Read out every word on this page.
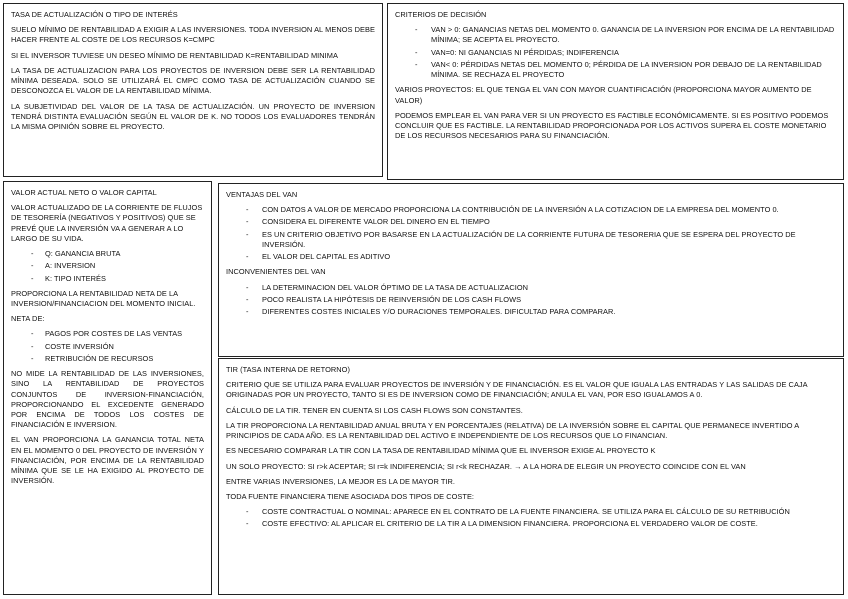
TASA DE ACTUALIZACIÓN O TIPO DE INTERÉS

SUELO MÍNIMO DE RENTABILIDAD A EXIGIR A LAS INVERSIONES. TODA INVERSION AL MENOS DEBE HACER FRENTE AL COSTE DE LOS RECURSOS K=CMPC

SI EL INVERSOR TUVIESE UN DESEO MÍNIMO DE RENTABILIDAD K=RENTABILIDAD MINIMA

LA TASA DE ACTUALIZACION PARA LOS PROYECTOS DE INVERSION DEBE SER LA RENTABILIDAD MÍNIMA DESEADA. SOLO SE UTILIZARÁ EL CMPC COMO TASA DE ACTUALIZACIÓN CUANDO SE DESCONOZCA EL VALOR DE LA RENTABILIDAD MÍNIMA.

LA SUBJETIVIDAD DEL VALOR DE LA TASA DE ACTUALIZACIÓN. UN PROYECTO DE INVERSION TENDRÁ DISTINTA EVALUACIÓN SEGÚN EL VALOR DE K. NO TODOS LOS EVALUADORES TENDRÁN LA MISMA OPINIÓN SOBRE EL PROYECTO.

CRITERIOS DE DECISIÓN

- VAN > 0: GANANCIAS NETAS DEL MOMENTO 0. GANANCIA DE LA INVERSION POR ENCIMA DE LA RENTABILIDAD MÍNIMA; SE ACEPTA EL PROYECTO.
- VAN=0: NI GANANCIAS NI PÉRDIDAS; INDIFERENCIA
- VAN< 0: PÉRDIDAS NETAS DEL MOMENTO 0; PÉRDIDA DE LA INVERSION POR DEBAJO DE LA RENTABILIDAD MÍNIMA. SE RECHAZA EL PROYECTO

VARIOS PROYECTOS: EL QUE TENGA EL VAN CON MAYOR CUANTIFICACIÓN (PROPORCIONA MAYOR AUMENTO DE VALOR)

PODEMOS EMPLEAR EL VAN PARA VER SI UN PROYECTO ES FACTIBLE ECONÓMICAMENTE. SI ES POSITIVO PODEMOS CONCLUIR QUE ES FACTIBLE. LA RENTABILIDAD PROPORCIONADA POR LOS ACTIVOS SUPERA EL COSTE MONETARIO DE LOS RECURSOS NECESARIOS PARA SU FINANCIACIÓN.

VALOR ACTUAL NETO O VALOR CAPITAL

VALOR ACTUALIZADO DE LA CORRIENTE DE FLUJOS DE TESORERÍA (NEGATIVOS Y POSITIVOS) QUE SE PREVÉ QUE LA INVERSIÓN VA A GENERAR A LO LARGO DE SU VIDA.

- Q: GANANCIA BRUTA
- A: INVERSION
- K: TIPO INTERÉS

PROPORCIONA LA RENTABILIDAD NETA DE LA INVERSION/FINANCIACION DEL MOMENTO INICIAL.

NETA DE:

- PAGOS POR COSTES DE LAS VENTAS
- COSTE INVERSIÓN
- RETRIBUCIÓN DE RECURSOS

NO MIDE LA RENTABILIDAD DE LAS INVERSIONES, SINO LA RENTABILIDAD DE PROYECTOS CONJUNTOS DE INVERSION-FINANCIACIÓN, PROPORCIONANDO EL EXCEDENTE GENERADO POR ENCIMA DE TODOS LOS COSTES DE FINANCIACIÓN E INVERSION.

EL VAN PROPORCIONA LA GANANCIA TOTAL NETA EN EL MOMENTO 0 DEL PROYECTO DE INVERSIÓN Y FINANCIACIÓN, POR ENCIMA DE LA RENTABILIDAD MÍNIMA QUE SE LE HA EXIGIDO AL PROYECTO DE INVERSIÓN.

VENTAJAS DEL VAN

- CON DATOS A VALOR DE MERCADO PROPORCIONA LA CONTRIBUCIÓN DE LA INVERSIÓN A LA COTIZACION DE LA EMPRESA DEL MOMENTO 0.
- CONSIDERA EL DIFERENTE VALOR DEL DINERO EN EL TIEMPO
- ES UN CRITERIO OBJETIVO POR BASARSE EN LA ACTUALIZACIÓN DE LA CORRIENTE FUTURA DE TESORERIA QUE SE ESPERA DEL PROYECTO DE INVERSIÓN.
- EL VALOR DEL CAPITAL ES ADITIVO

INCONVENIENTES DEL VAN

- LA DETERMINACION DEL VALOR ÓPTIMO DE LA TASA DE ACTUALIZACION
- POCO REALISTA LA HIPÓTESIS DE REINVERSIÓN DE LOS CASH FLOWS
- DIFERENTES COSTES INICIALES Y/O DURACIONES TEMPORALES. DIFICULTAD PARA COMPARAR.

TIR (TASA INTERNA DE RETORNO)

CRITERIO QUE SE UTILIZA PARA EVALUAR PROYECTOS DE INVERSIÓN Y DE FINANCIACIÓN. ES EL VALOR QUE IGUALA LAS ENTRADAS Y LAS SALIDAS DE CAJA ORIGINADAS POR UN PROYECTO, TANTO SI ES DE INVERSION COMO DE FINANCIACIÓN; ANULA EL VAN, POR ESO IGUALAMOS A 0.

CÁLCULO DE LA TIR. TENER EN CUENTA SI LOS CASH FLOWS SON CONSTANTES.

LA TIR PROPORCIONA LA RENTABILIDAD ANUAL BRUTA Y EN PORCENTAJES (RELATIVA) DE LA INVERSIÓN SOBRE EL CAPITAL QUE PERMANECE INVERTIDO A PRINCIPIOS DE CADA AÑO. ES LA RENTABILIDAD DEL ACTIVO E INDEPENDIENTE DE LOS RECURSOS QUE LO FINANCIAN.

ES NECESARIO COMPARAR LA TIR CON LA TASA DE RENTABILIDAD MÍNIMA QUE EL INVERSOR EXIGE AL PROYECTO K

UN SOLO PROYECTO: SI r>k ACEPTAR; SI r=k INDIFERENCIA; SI r<k RECHAZAR. → A LA HORA DE ELEGIR UN PROYECTO COINCIDE CON EL VAN

ENTRE VARIAS INVERSIONES, LA MEJOR ES LA DE MAYOR TIR.

TODA FUENTE FINANCIERA TIENE ASOCIADA DOS TIPOS DE COSTE:

- COSTE CONTRACTUAL O NOMINAL: APARECE EN EL CONTRATO DE LA FUENTE FINANCIERA. SE UTILIZA PARA EL CÁLCULO DE SU RETRIBUCIÓN
- COSTE EFECTIVO: AL APLICAR EL CRITERIO DE LA TIR A LA DIMENSION FINANCIERA. PROPORCIONA EL VERDADERO VALOR DE COSTE.
